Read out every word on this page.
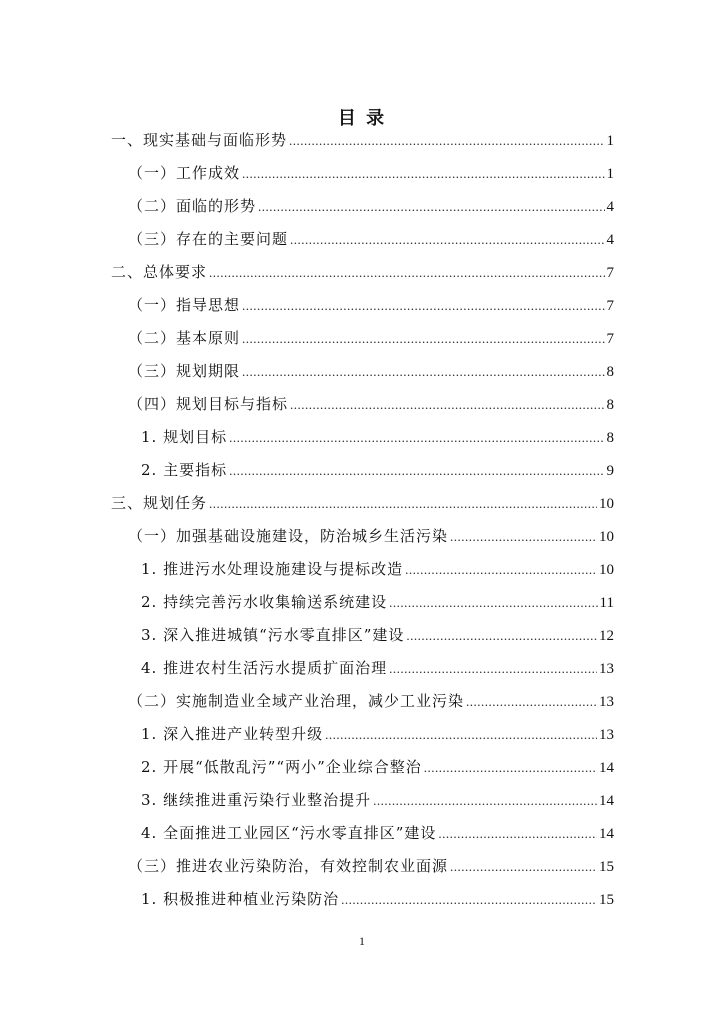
目 录
一、现实基础与面临形势 .....	1
（一）工作成效 .....	1
（二）面临的形势 .....	4
（三）存在的主要问题 .....	4
二、总体要求 .....	7
（一）指导思想 .....	7
（二）基本原则 .....	7
（三）规划期限 .....	8
（四）规划目标与指标 .....	8
1. 规划目标 .....	8
2. 主要指标 .....	9
三、规划任务 .....	10
（一）加强基础设施建设，防治城乡生活污染 .....	10
1. 推进污水处理设施建设与提标改造 .....	10
2. 持续完善污水收集输送系统建设 .....	11
3. 深入推进城镇“污水零直排区”建设 .....	12
4. 推进农村生活污水提质扩面治理 .....	13
（二）实施制造业全域产业治理，减少工业污染 .....	13
1. 深入推进产业转型升级 .....	13
2. 开展“低散乱污”“两小”企业综合整治 .....	14
3. 继续推进重污染行业整治提升 .....	14
4. 全面推进工业园区“污水零直排区”建设 .....	14
（三）推进农业污染防治，有效控制农业面源 .....	15
1. 积极推进种植业污染防治 .....	15
1
